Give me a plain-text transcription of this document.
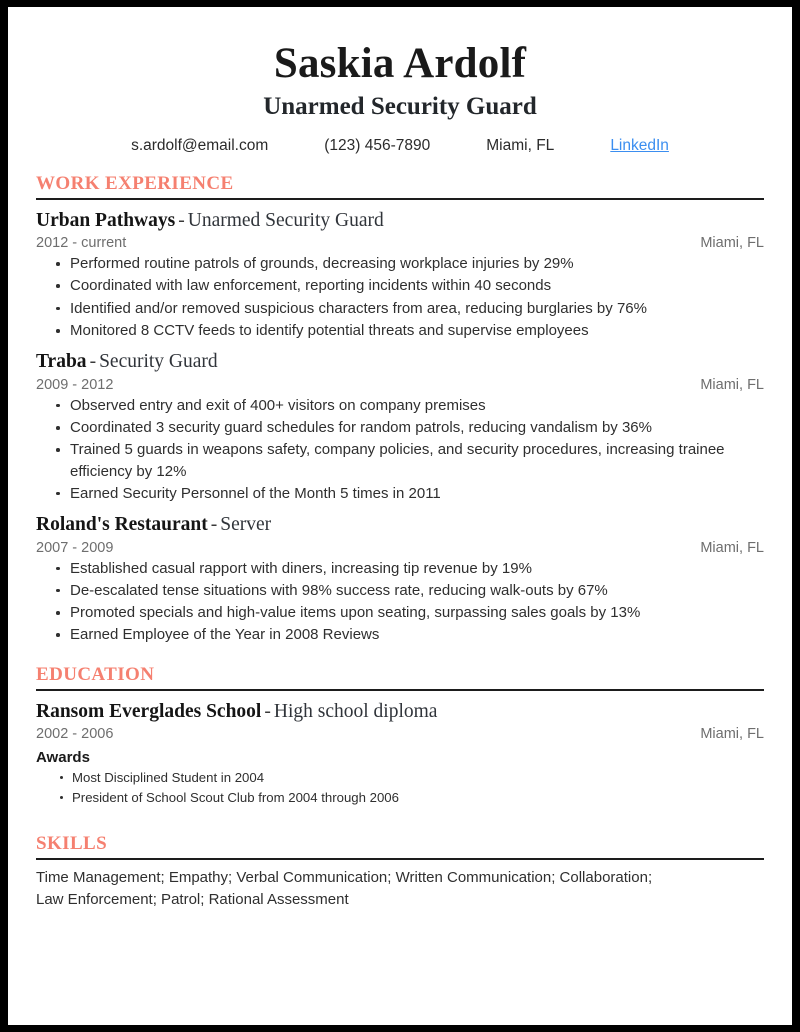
Saskia Ardolf
Unarmed Security Guard
s.ardolf@email.com	(123) 456-7890	Miami, FL	LinkedIn
WORK EXPERIENCE
Urban Pathways - Unarmed Security Guard
2012 - current	Miami, FL
Performed routine patrols of grounds, decreasing workplace injuries by 29%
Coordinated with law enforcement, reporting incidents within 40 seconds
Identified and/or removed suspicious characters from area, reducing burglaries by 76%
Monitored 8 CCTV feeds to identify potential threats and supervise employees
Traba - Security Guard
2009 - 2012	Miami, FL
Observed entry and exit of 400+ visitors on company premises
Coordinated 3 security guard schedules for random patrols, reducing vandalism by 36%
Trained 5 guards in weapons safety, company policies, and security procedures, increasing trainee efficiency by 12%
Earned Security Personnel of the Month 5 times in 2011
Roland's Restaurant - Server
2007 - 2009	Miami, FL
Established casual rapport with diners, increasing tip revenue by 19%
De-escalated tense situations with 98% success rate, reducing walk-outs by 67%
Promoted specials and high-value items upon seating, surpassing sales goals by 13%
Earned Employee of the Year in 2008 Reviews
EDUCATION
Ransom Everglades School - High school diploma
2002 - 2006	Miami, FL
Awards
Most Disciplined Student in 2004
President of School Scout Club from 2004 through 2006
SKILLS
Time Management; Empathy; Verbal Communication; Written Communication; Collaboration; Law Enforcement; Patrol; Rational Assessment
